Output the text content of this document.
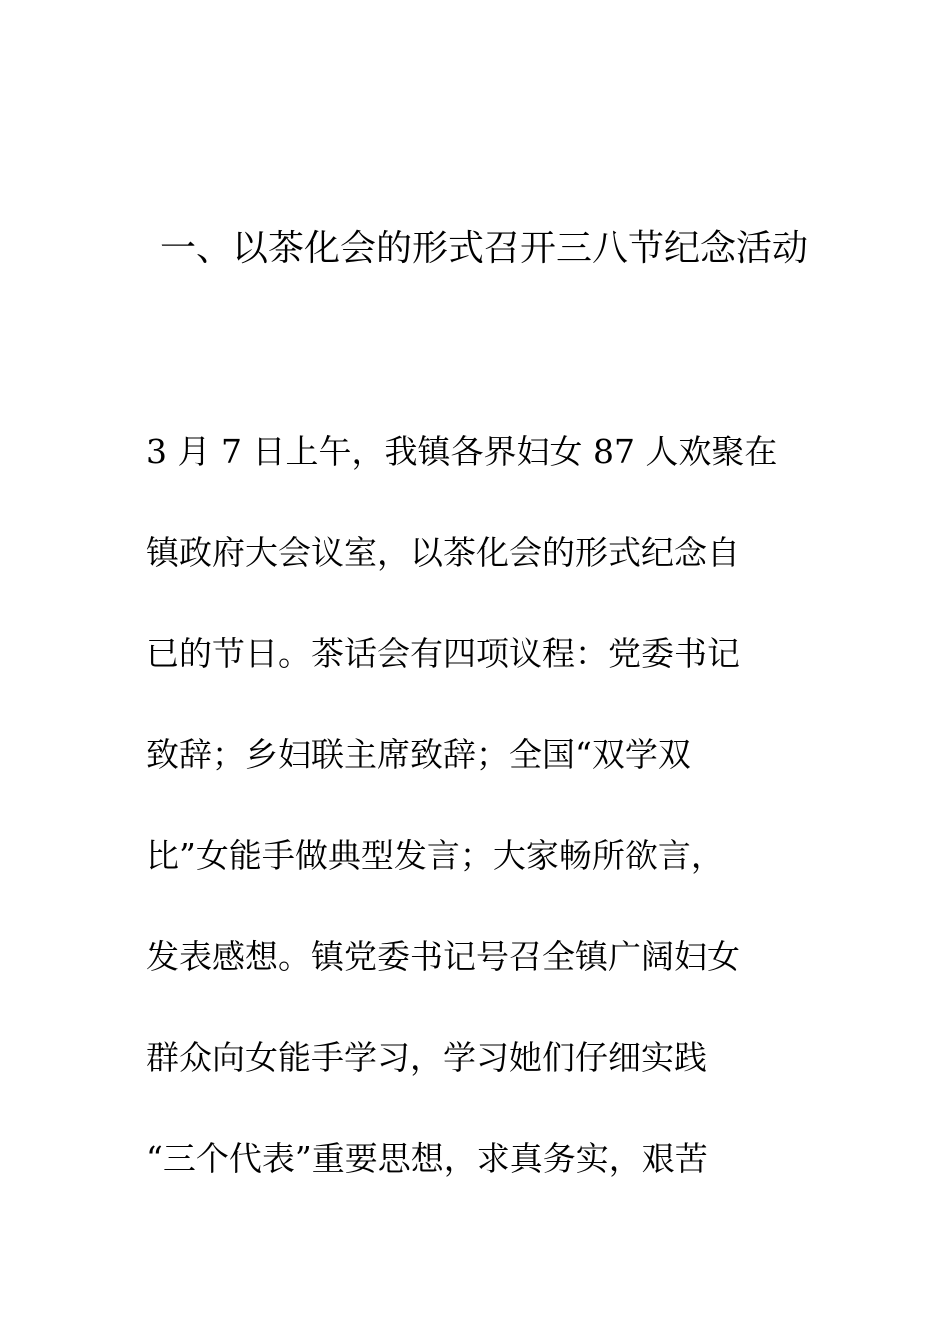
一、以茶化会的形式召开三八节纪念活动
3 月 7 日上午，我镇各界妇女 87 人欢聚在
镇政府大会议室，以茶化会的形式纪念自
已的节日。茶话会有四项议程：党委书记
致辞；乡妇联主席致辞；全国“双学双
比”女能手做典型发言；大家畅所欲言，
发表感想。镇党委书记号召全镇广阔妇女
群众向女能手学习，学习她们仔细实践
“三个代表”重要思想，求真务实，艰苦
